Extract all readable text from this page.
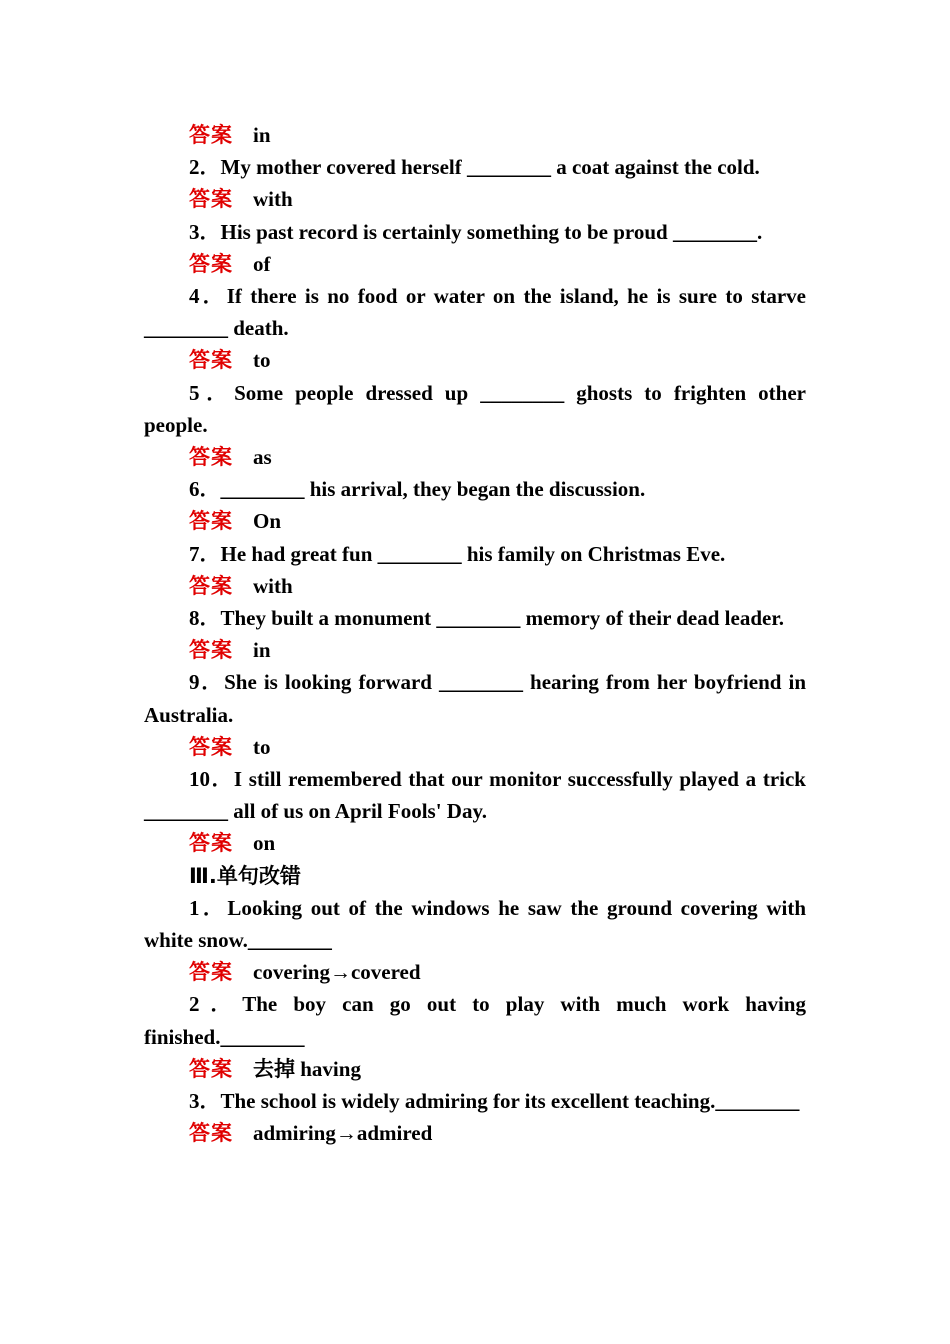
答案 in
2．My mother covered herself ________ a coat against the cold.
答案 with
3．His past record is certainly something to be proud ________.
答案 of
4．If there is no food or water on the island, he is sure to starve ________ death.
答案 to
5．Some people dressed up ________ ghosts to frighten other people.
答案 as
6．________ his arrival, they began the discussion.
答案 On
7．He had great fun ________ his family on Christmas Eve.
答案 with
8．They built a monument ________ memory of their dead leader.
答案 in
9．She is looking forward ________ hearing from her boyfriend in Australia.
答案 to
10．I still remembered that our monitor successfully played a trick ________ all of us on April Fools' Day.
答案 on
Ⅲ.单句改错
1．Looking out of the windows he saw the ground covering with white snow.________
答案 covering→covered
2．The boy can go out to play with much work having finished.________
答案 去掉 having
3．The school is widely admiring for its excellent teaching.________
答案 admiring→admired
